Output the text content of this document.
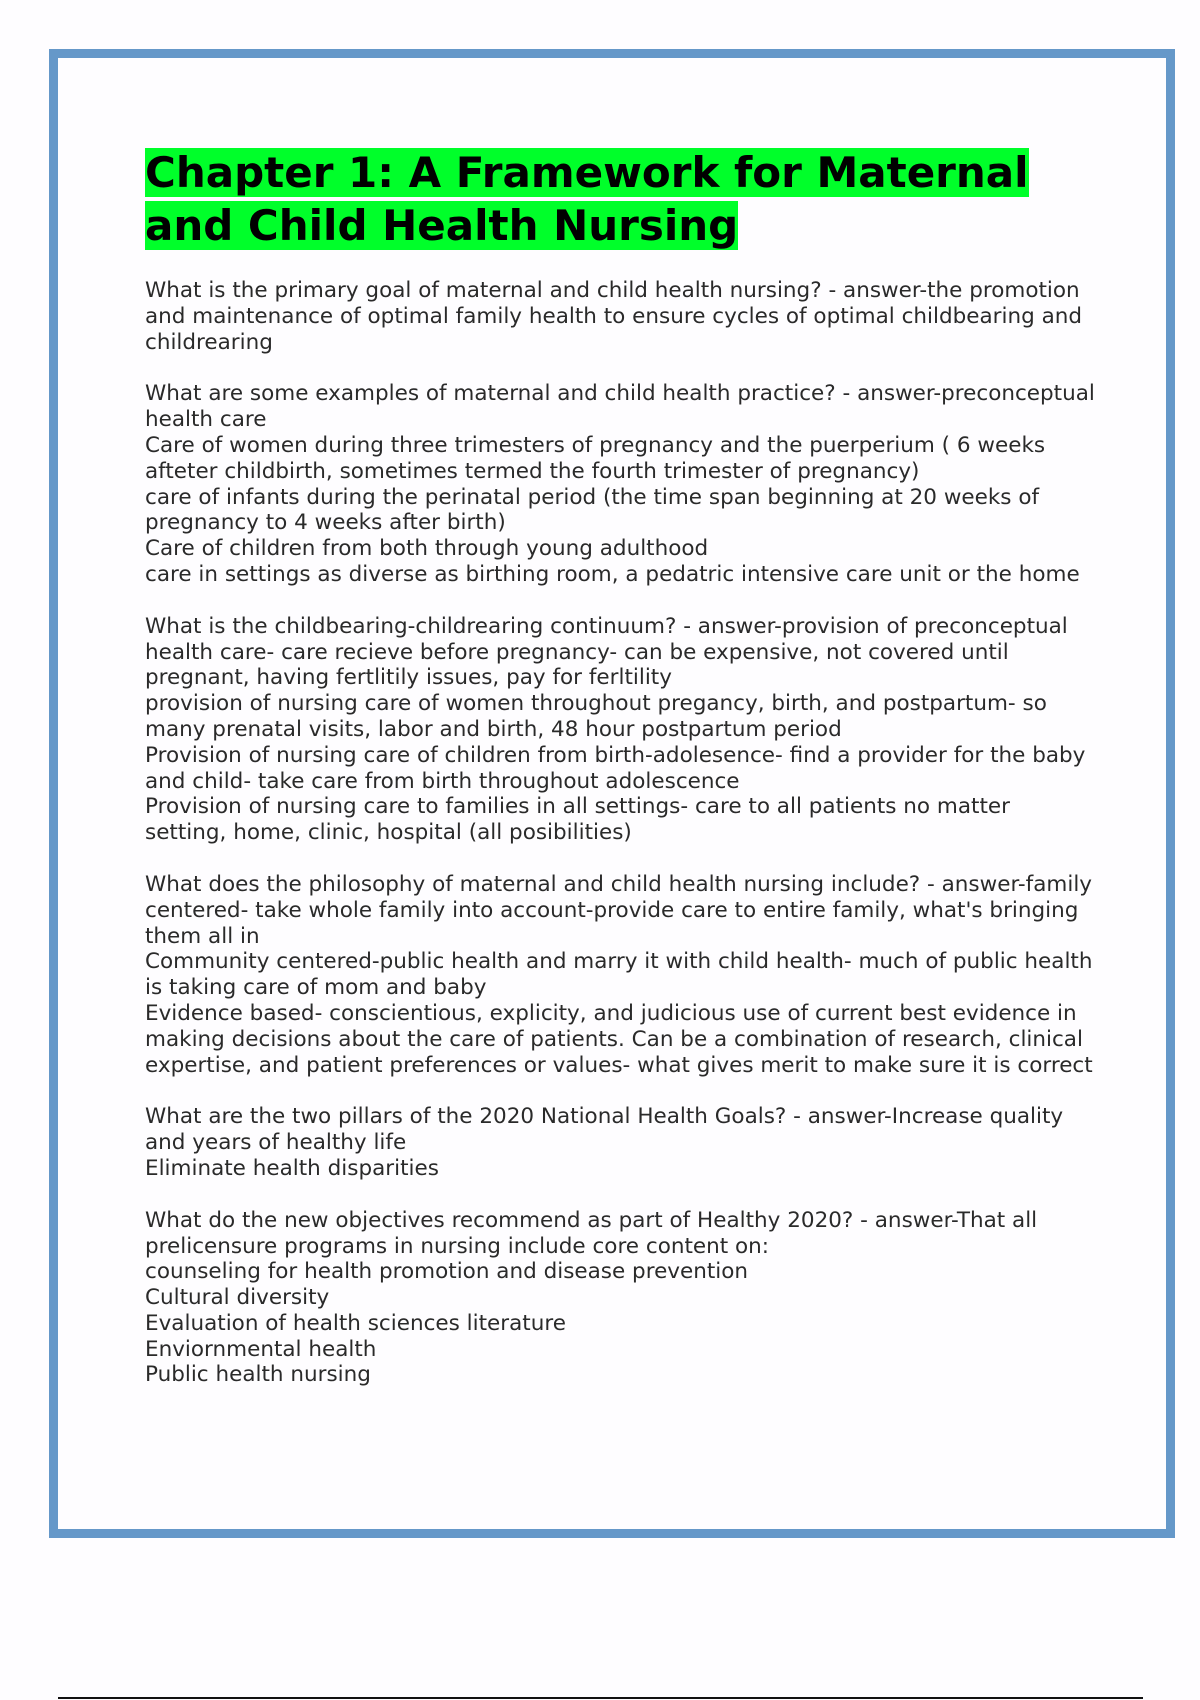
Chapter 1: A Framework for Maternal and Child Health Nursing
What is the primary goal of maternal and child health nursing? - answer-the promotion and maintenance of optimal family health to ensure cycles of optimal childbearing and childrearing
What are some examples of maternal and child health practice? - answer-preconceptual health care
Care of women during three trimesters of pregnancy and the puerperium ( 6 weeks afteter childbirth, sometimes termed the fourth trimester of pregnancy)
care of infants during the perinatal period (the time span beginning at 20 weeks of pregnancy to 4 weeks after birth)
Care of children from both through young adulthood
care in settings as diverse as birthing room, a pedatric intensive care unit or the home
What is the childbearing-childrearing continuum? - answer-provision of preconceptual health care- care recieve before pregnancy- can be expensive, not covered until pregnant, having fertlitily issues, pay for ferltility
provision of nursing care of women throughout pregancy, birth, and postpartum- so many prenatal visits, labor and birth, 48 hour postpartum period
Provision of nursing care of children from birth-adolesence- find a provider for the baby and child- take care from birth throughout adolescence
Provision of nursing care to families in all settings- care to all patients no matter setting, home, clinic, hospital (all posibilities)
What does the philosophy of maternal and child health nursing include? - answer-family centered- take whole family into account-provide care to entire family, what's bringing them all in
Community centered-public health and marry it with child health- much of public health is taking care of mom and baby
Evidence based- conscientious, explicity, and judicious use of current best evidence in making decisions about the care of patients. Can be a combination of research, clinical expertise, and patient preferences or values- what gives merit to make sure it is correct
What are the two pillars of the 2020 National Health Goals? - answer-Increase quality and years of healthy life
Eliminate health disparities
What do the new objectives recommend as part of Healthy 2020? - answer-That all prelicensure programs in nursing include core content on:
counseling for health promotion and disease prevention
Cultural diversity
Evaluation of health sciences literature
Enviornmental health
Public health nursing
